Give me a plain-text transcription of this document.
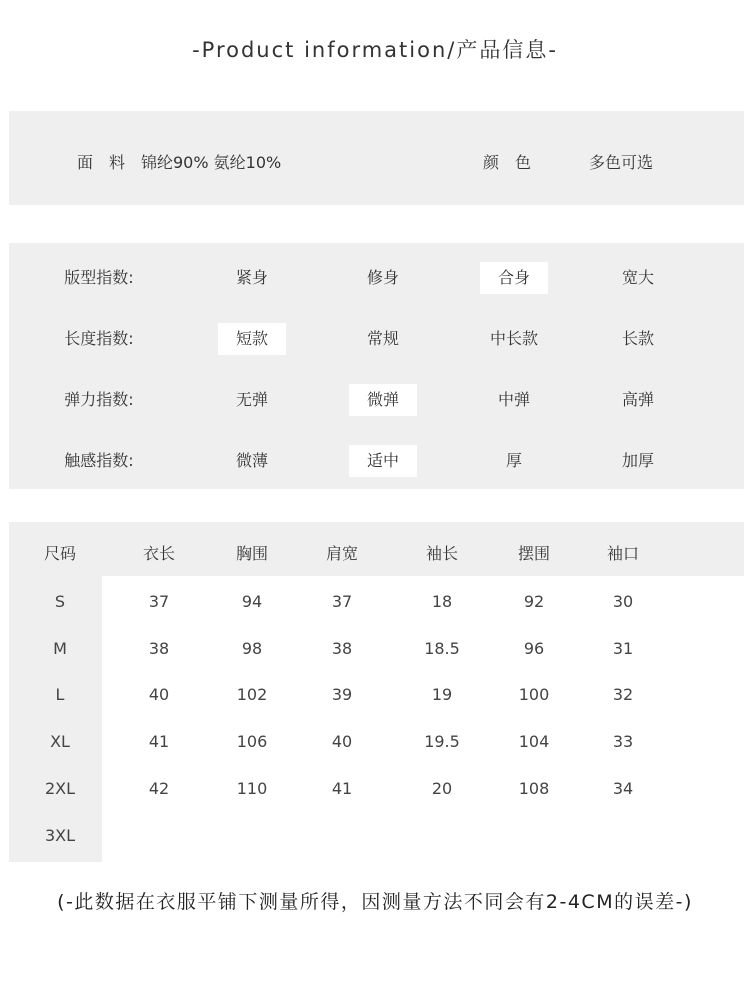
-Product information/产品信息-
面　料	锦纶90% 氨纶10%	颜　色	多色可选
版型指数:	紧身	修身	合身	宽大
长度指数:	短款	常规	中长款	长款
弹力指数:	无弹	微弹	中弹	高弹
触感指数:	微薄	适中	厚	加厚
尺码	衣长	胸围	肩宽	袖长	摆围	袖口
S	37	94	37	18	92	30
M	38	98	38	18.5	96	31
L	40	102	39	19	100	32
XL	41	106	40	19.5	104	33
2XL	42	110	41	20	108	34
3XL
(-此数据在衣服平铺下测量所得，因测量方法不同会有2-4CM的误差-)
